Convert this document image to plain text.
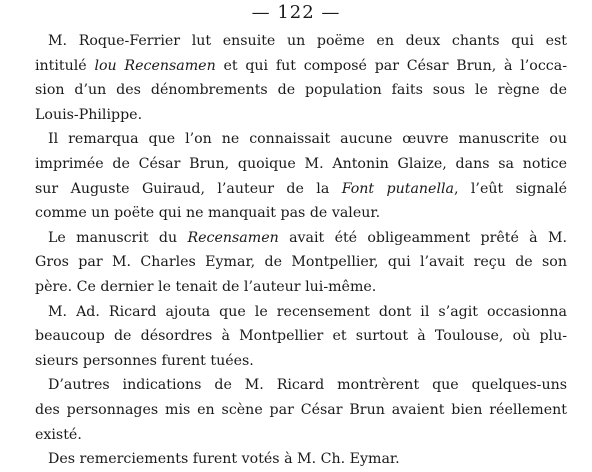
— 122 —

M. Roque-Ferrier lut ensuite un poëme en deux chants qui est
intitulé lou Recensamen et qui fut composé par César Brun, à l’occa-
sion d’un des dénombrements de population faits sous le règne de
Louis-Philippe.

Il remarqua que l’on ne connaissait aucune œuvre manuscrite ou
imprimée de César Brun, quoique M. Antonin Glaize, dans sa notice
sur Auguste Guiraud, l’auteur de la Font putanella, l’eût signalé
comme un poëte qui ne manquait pas de valeur.

Le manuscrit du Recensamen avait été obligeamment prêté à M.
Gros par M. Charles Eymar, de Montpellier, qui l’avait reçu de son
père. Ce dernier le tenait de l’auteur lui-même.

M. Ad. Ricard ajouta que le recensement dont il s’agit occasionna
beaucoup de désordres à Montpellier et surtout à Toulouse, où plu-
sieurs personnes furent tuées.

D’autres indications de M. Ricard montrèrent que quelques-uns
des personnages mis en scène par César Brun avaient bien réellement
existé.

Des remerciements furent votés à M. Ch. Eymar.
